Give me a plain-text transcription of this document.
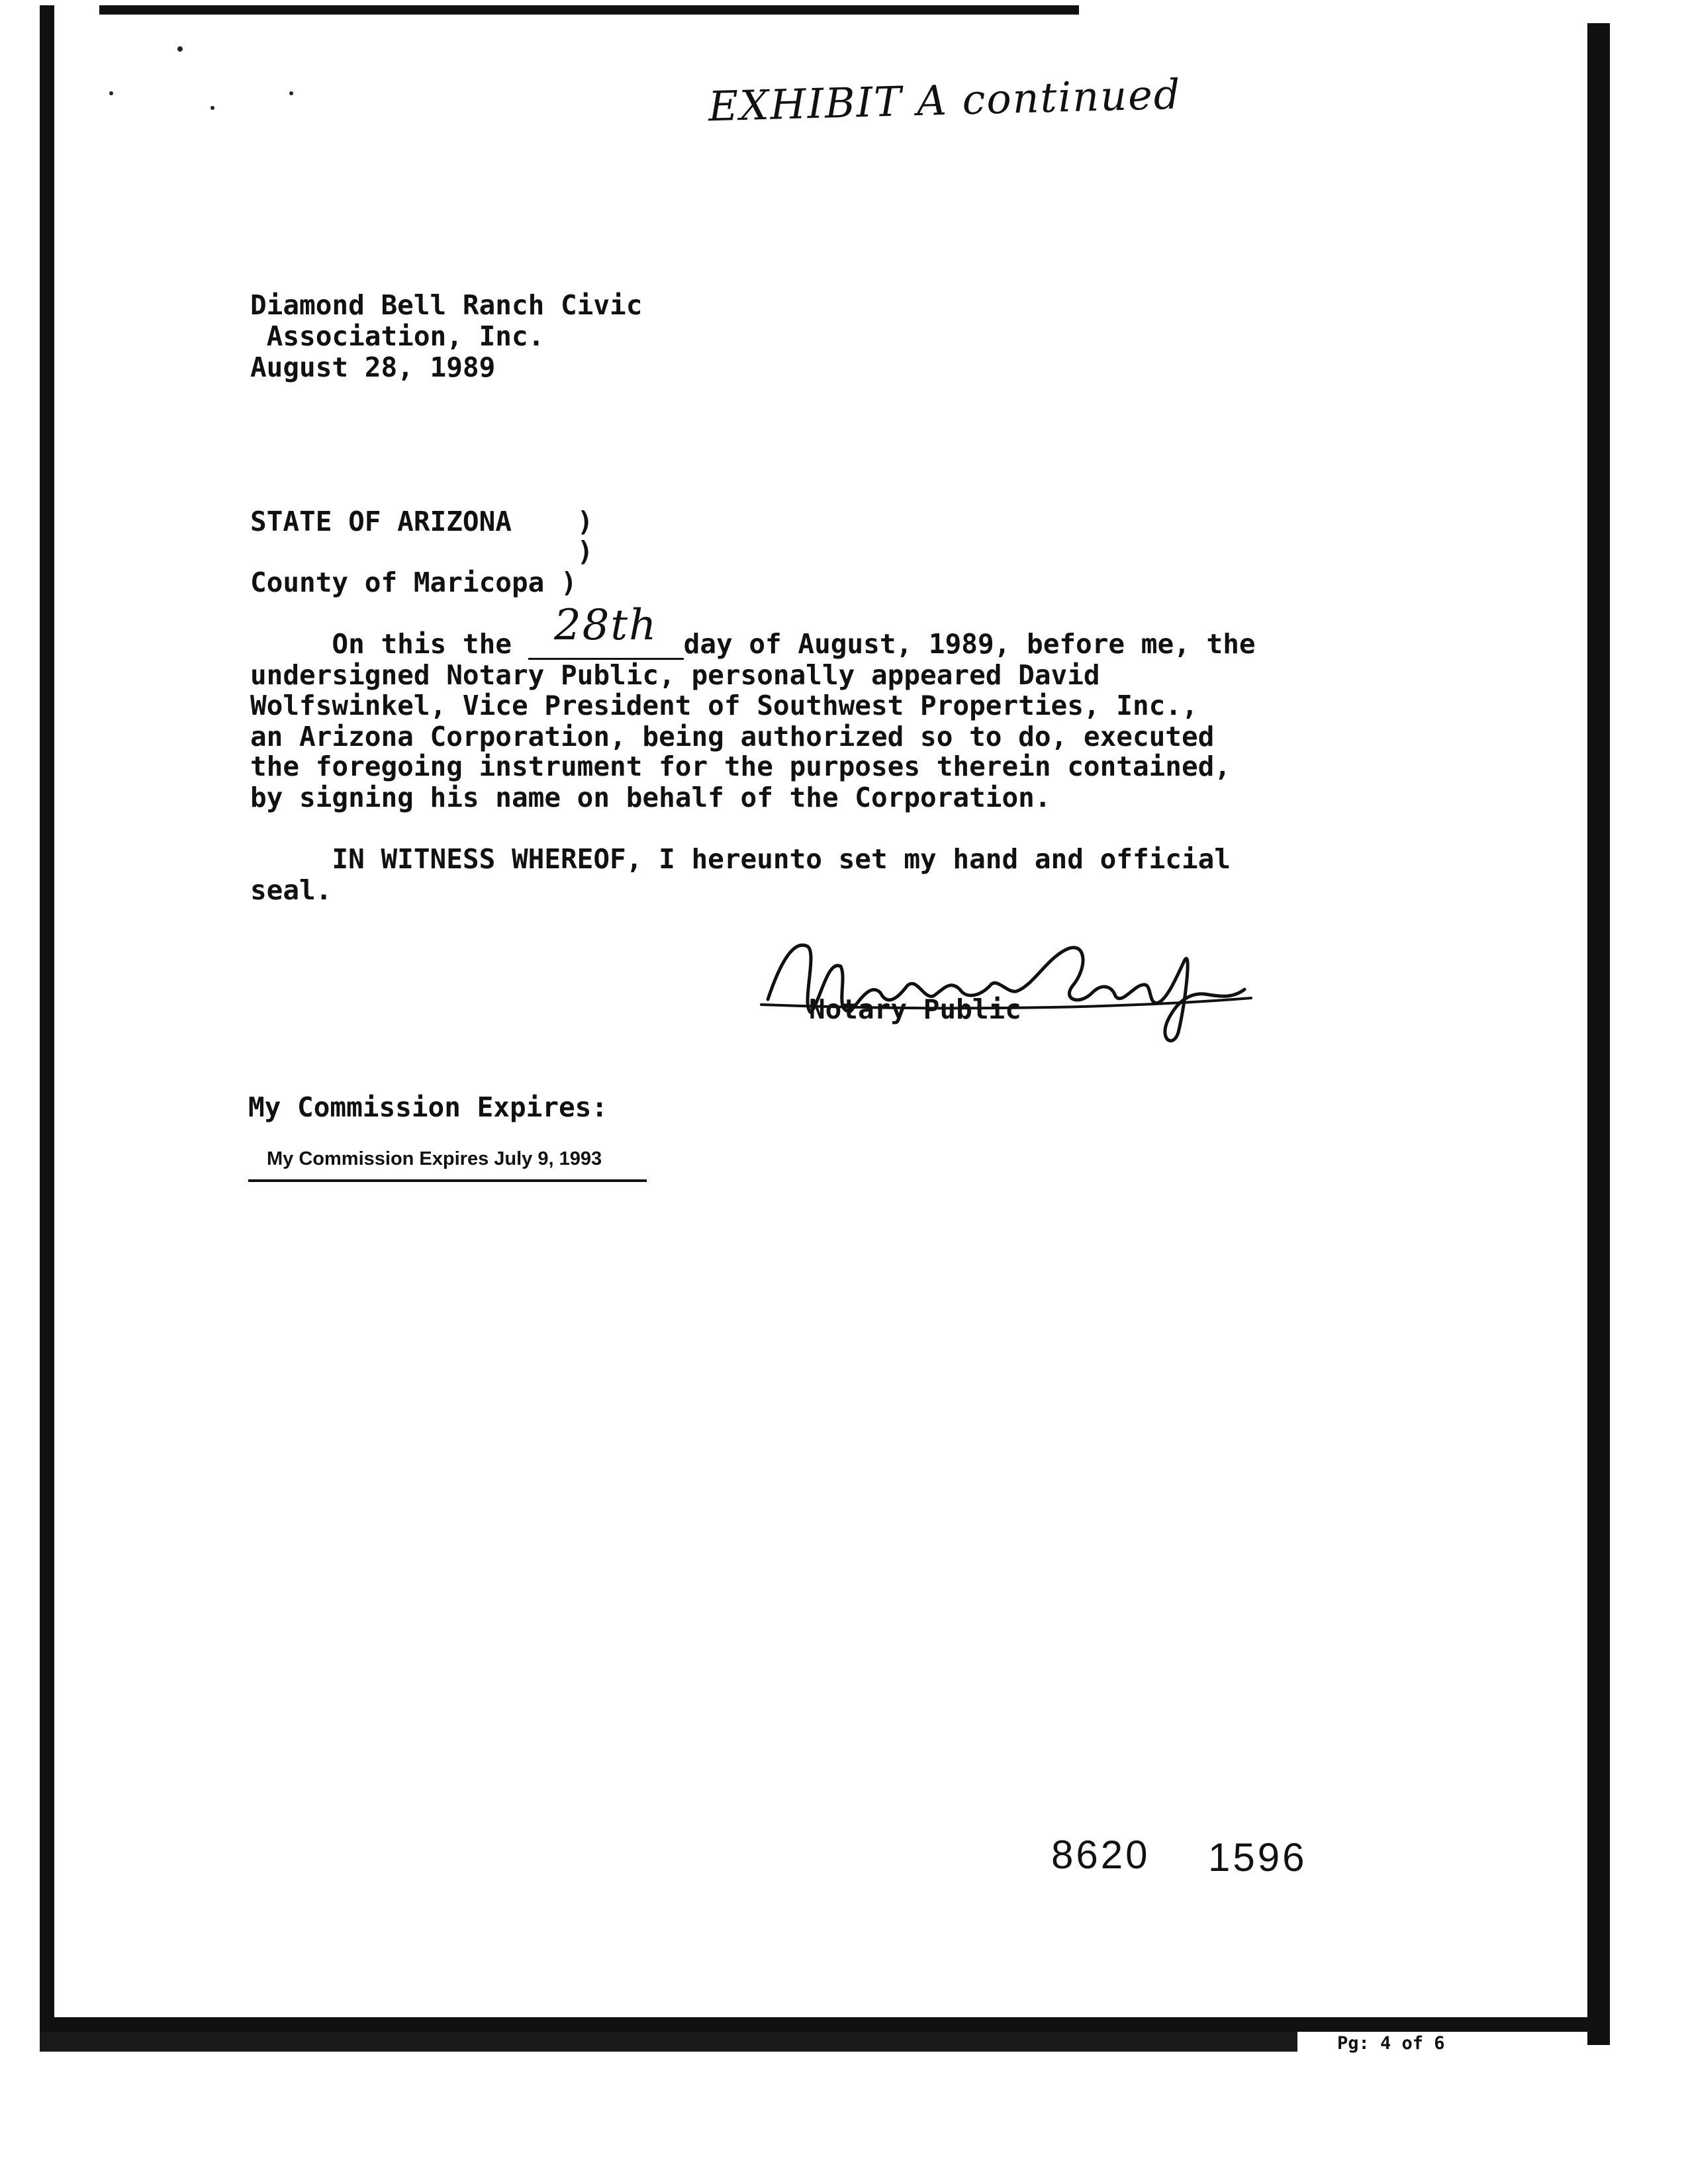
EXHIBIT A continued
Diamond Bell Ranch Civic
Association, Inc.
August 28, 1989
STATE OF ARIZONA    )
)
County of Maricopa )
On this the 28th day of August, 1989, before me, the
undersigned Notary Public, personally appeared David
Wolfswinkel, Vice President of Southwest Properties, Inc.,
an Arizona Corporation, being authorized so to do, executed
the foregoing instrument for the purposes therein contained,
by signing his name on behalf of the Corporation.
IN WITNESS WHEREOF, I hereunto set my hand and official
seal.
Notary Public
My Commission Expires:
My Commission Expires July 9, 1993
8620 1596
Pg: 4 of 6
